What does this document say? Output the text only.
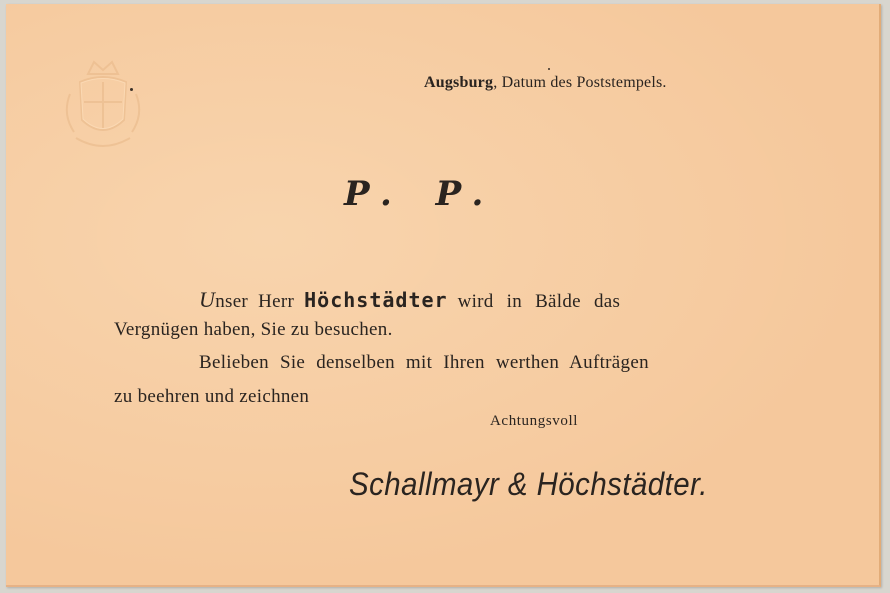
Augsburg, Datum des Poststempels.
P. P.
Unser Herr Höchstädter wird in Bälde das
Vergnügen haben, Sie zu besuchen.
Belieben Sie denselben mit Ihren werthen Aufträgen
zu beehren und zeichnen
Achtungsvoll
Schallmayr & Höchstädter.
